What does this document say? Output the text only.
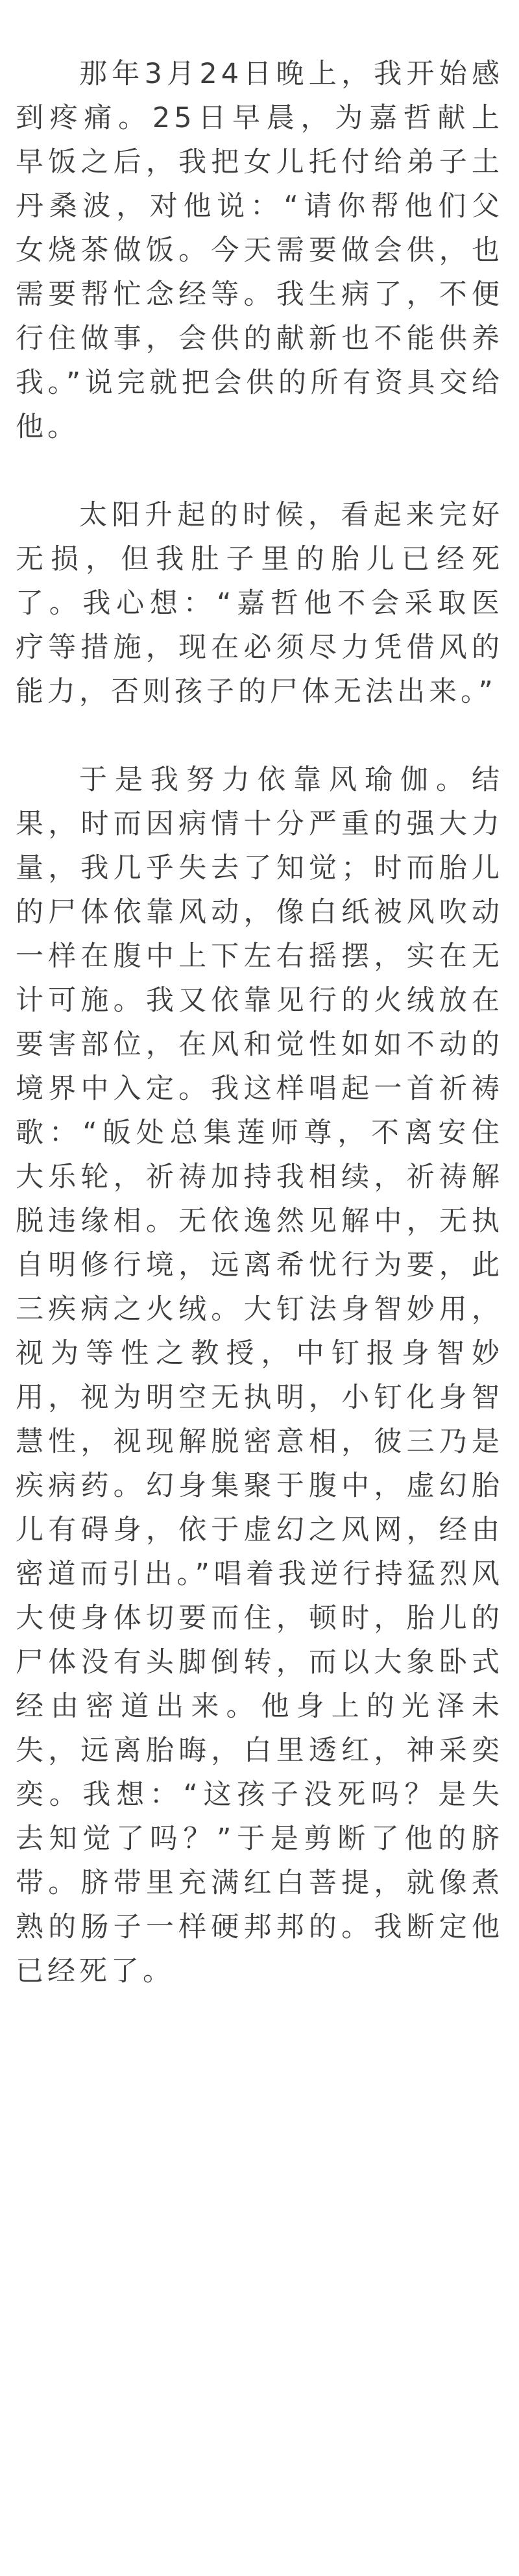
那年3月24日晚上，我开始感到疼痛。25日早晨，为嘉哲献上早饭之后，我把女儿托付给弟子土丹桑波，对他说：“请你帮他们父女烧茶做饭。今天需要做会供，也需要帮忙念经等。我生病了，不便行住做事，会供的献新也不能供养我。”说完就把会供的所有资具交给他。

太阳升起的时候，看起来完好无损，但我肚子里的胎儿已经死了。我心想：“嘉哲他不会采取医疗等措施，现在必须尽力凭借风的能力，否则孩子的尸体无法出来。”

于是我努力依靠风瑜伽。结果，时而因病情十分严重的强大力量，我几乎失去了知觉；时而胎儿的尸体依靠风动，像白纸被风吹动一样在腹中上下左右摇摆，实在无计可施。我又依靠见行的火绒放在要害部位，在风和觉性如如不动的境界中入定。我这样唱起一首祈祷歌：“皈处总集莲师尊，不离安住大乐轮，祈祷加持我相续，祈祷解脱违缘相。无依逸然见解中，无执自明修行境，远离希忧行为要，此三疾病之火绒。大钉法身智妙用，视为等性之教授，中钉报身智妙用，视为明空无执明，小钉化身智慧性，视现解脱密意相，彼三乃是疾病药。幻身集聚于腹中，虚幻胎儿有碍身，依于虚幻之风网，经由密道而引出。”唱着我逆行持猛烈风大使身体切要而住，顿时，胎儿的尸体没有头脚倒转，而以大象卧式经由密道出来。他身上的光泽未失，远离胎晦，白里透红，神采奕奕。我想：“这孩子没死吗？是失去知觉了吗？”于是剪断了他的脐带。脐带里充满红白菩提，就像煮熟的肠子一样硬邦邦的。我断定他已经死了。
